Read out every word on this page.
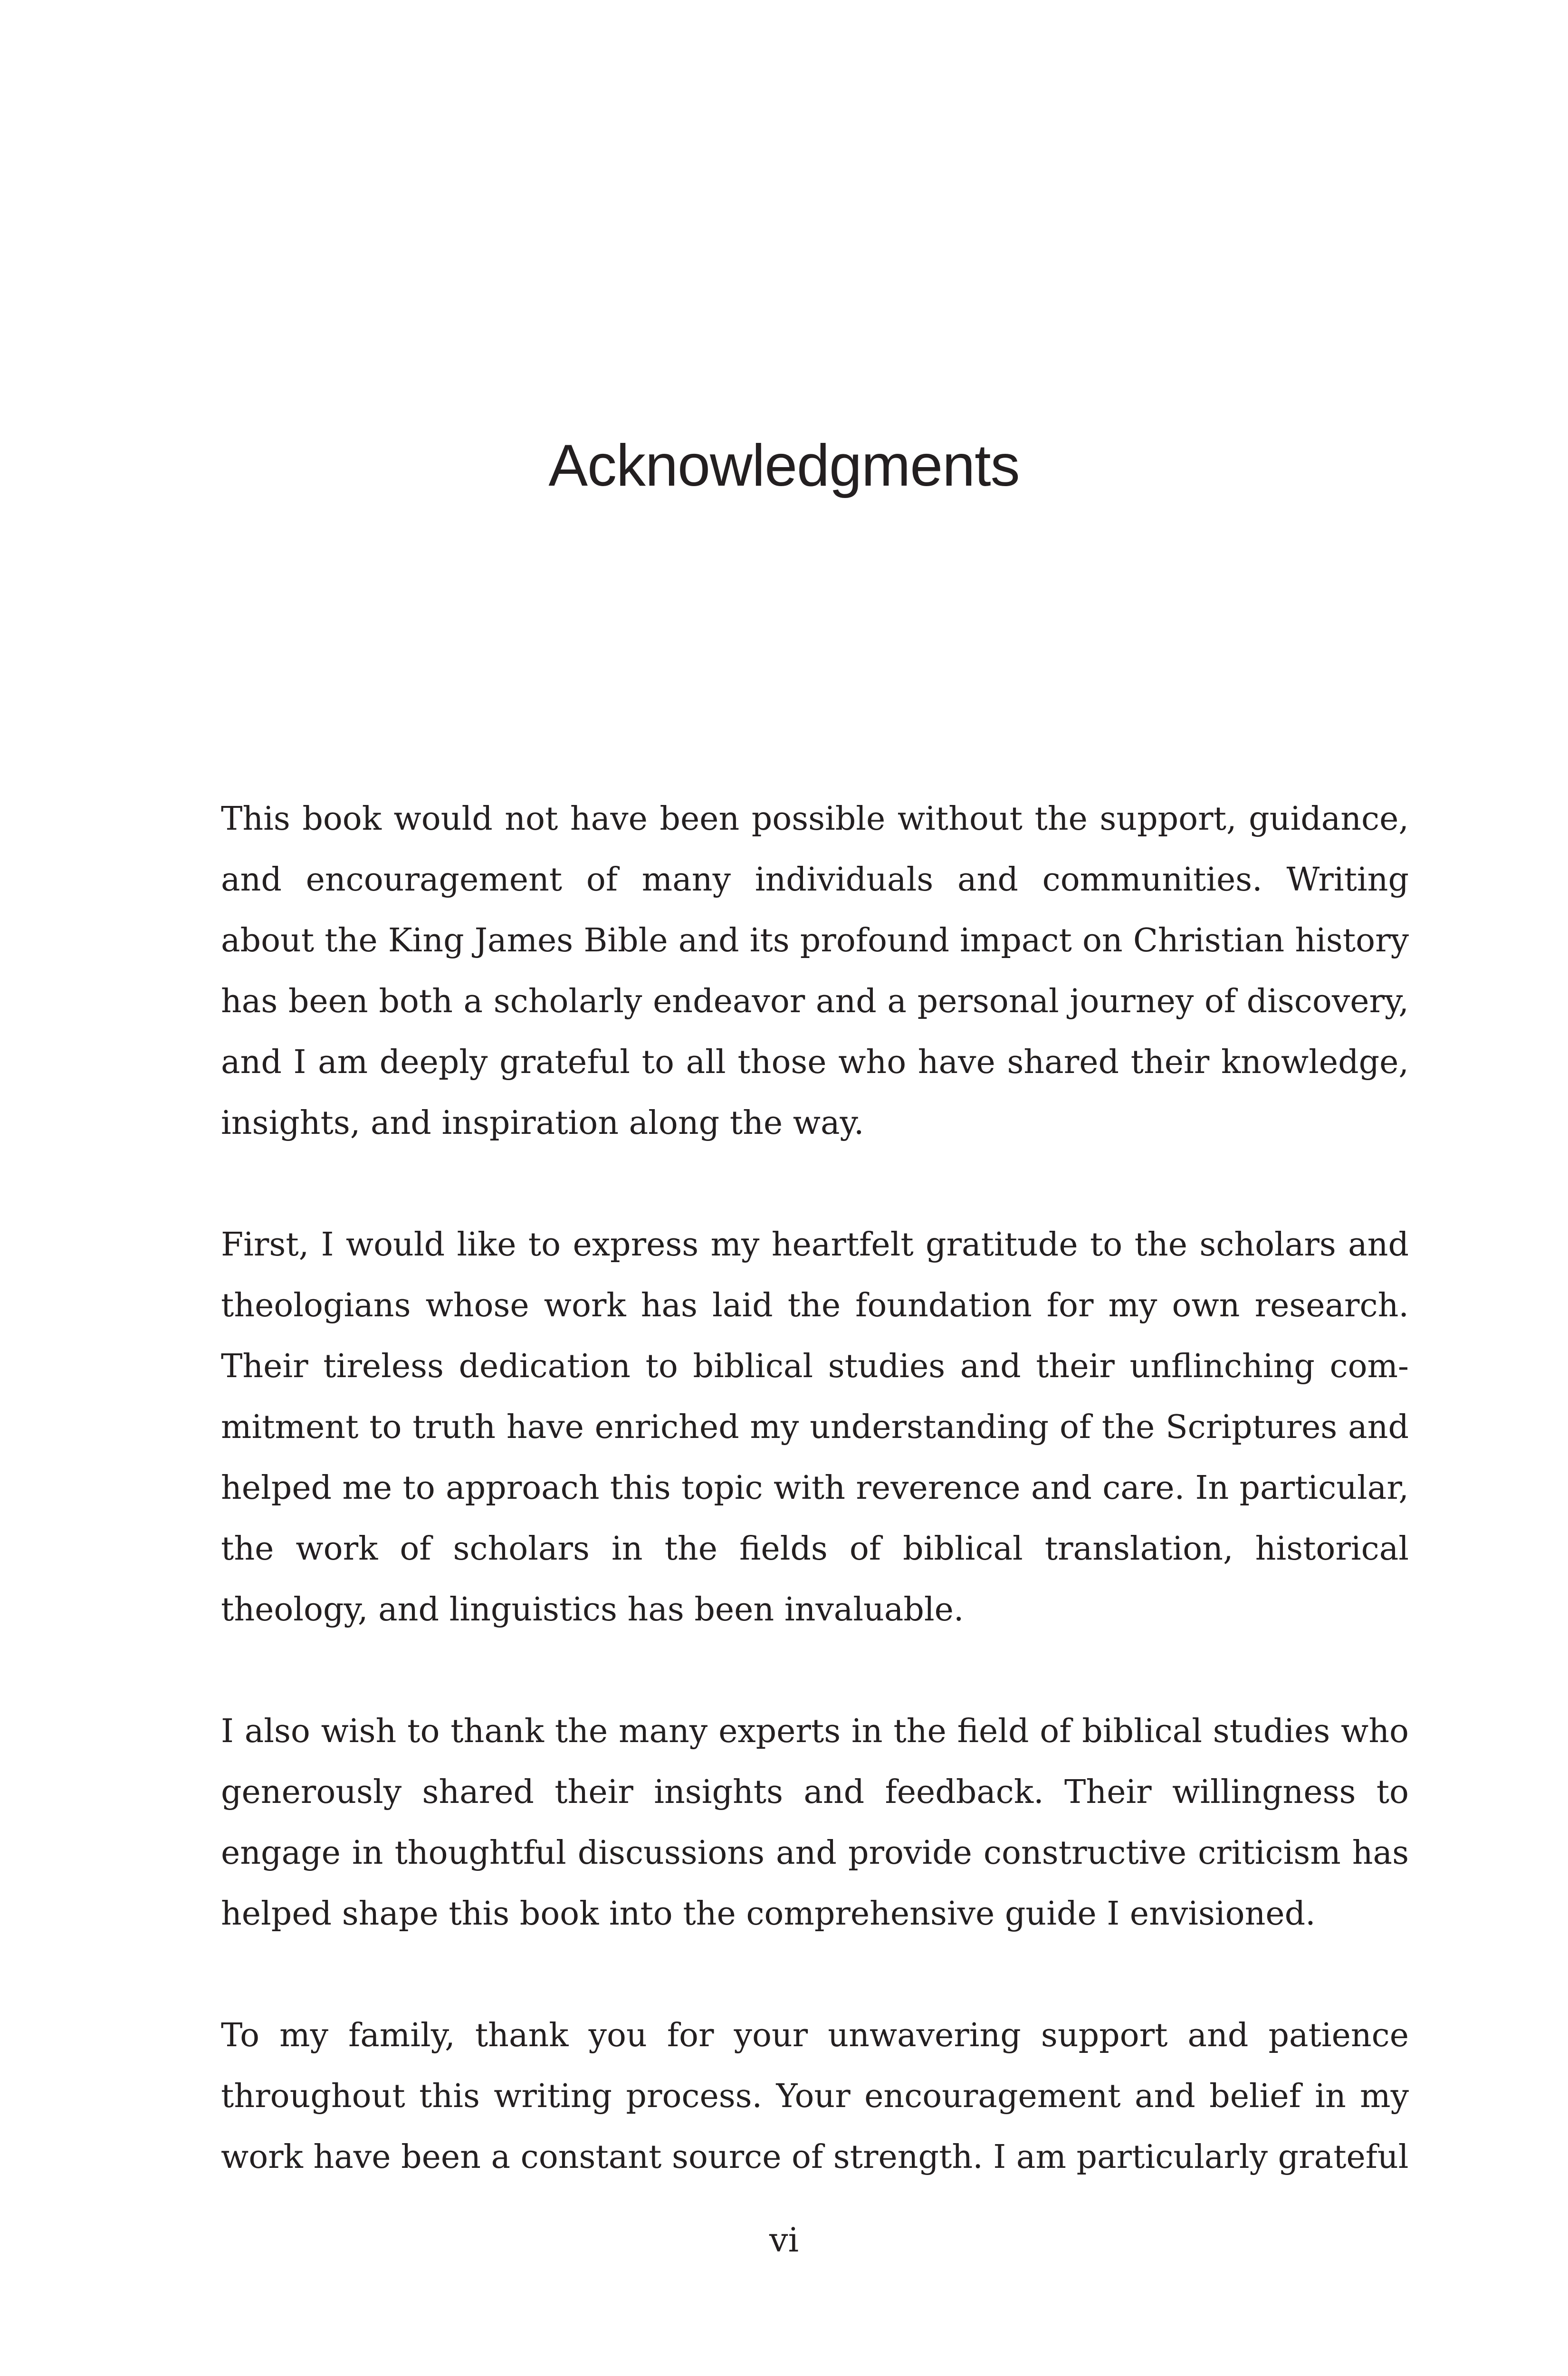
Acknowledgments

This book would not have been possible without the support, guidance, and encouragement of many individuals and communities. Writing about the King James Bible and its profound impact on Christian history has been both a scholarly endeavor and a personal journey of discovery, and I am deeply grateful to all those who have shared their knowledge, insights, and inspiration along the way.

First, I would like to express my heartfelt gratitude to the scholars and theologians whose work has laid the foundation for my own research. Their tireless dedication to biblical studies and their unflinching commitment to truth have enriched my understanding of the Scriptures and helped me to approach this topic with reverence and care. In particular, the work of scholars in the fields of biblical translation, historical theology, and linguistics has been invaluable.

I also wish to thank the many experts in the field of biblical studies who generously shared their insights and feedback. Their willingness to engage in thoughtful discussions and provide constructive criticism has helped shape this book into the comprehensive guide I envisioned.

To my family, thank you for your unwavering support and patience throughout this writing process. Your encouragement and belief in my work have been a constant source of strength. I am particularly grateful

vi
